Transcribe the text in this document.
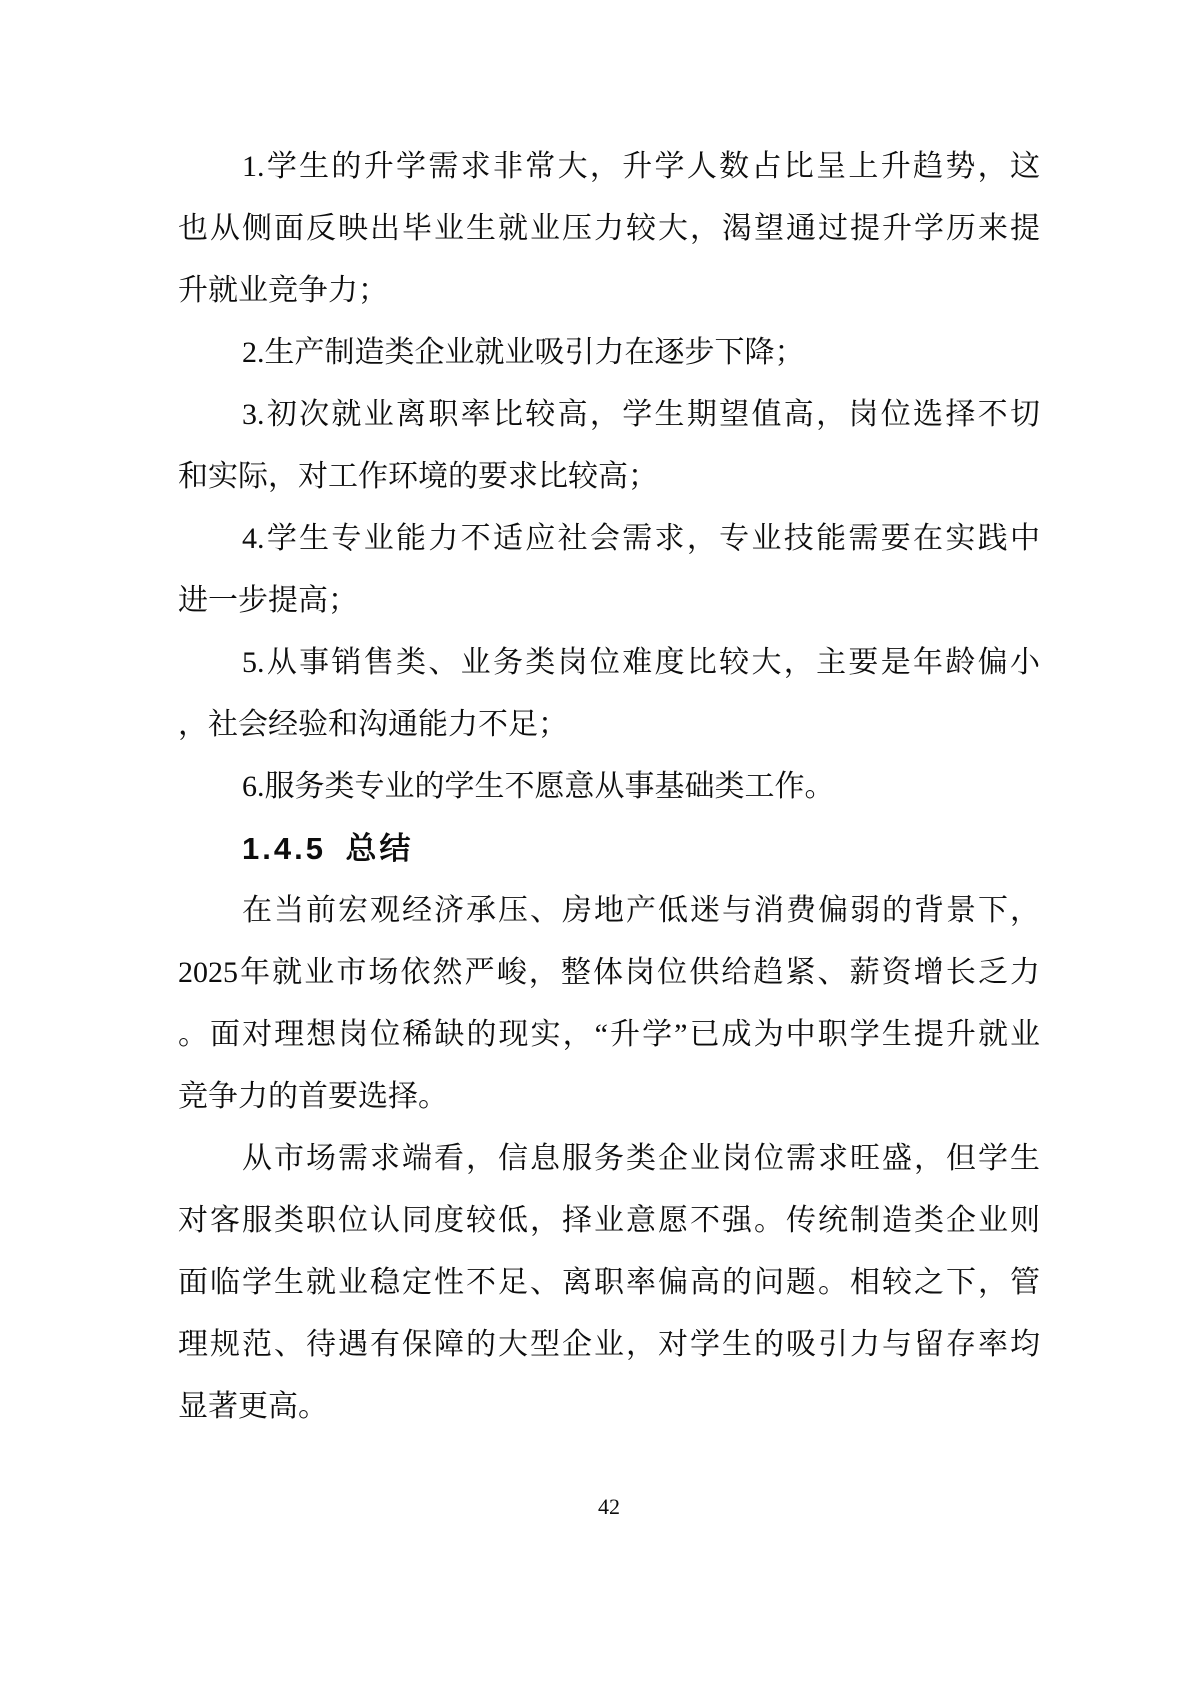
1.学生的升学需求非常大，升学人数占比呈上升趋势，这
也从侧面反映出毕业生就业压力较大，渴望通过提升学历来提
升就业竞争力；
2.生产制造类企业就业吸引力在逐步下降；
3.初次就业离职率比较高，学生期望值高，岗位选择不切
和实际，对工作环境的要求比较高；
4.学生专业能力不适应社会需求，专业技能需要在实践中
进一步提高；
5.从事销售类、业务类岗位难度比较大，主要是年龄偏小
，社会经验和沟通能力不足；
6.服务类专业的学生不愿意从事基础类工作。
1.4.5 总结
在当前宏观经济承压、房地产低迷与消费偏弱的背景下，
2025年就业市场依然严峻，整体岗位供给趋紧、薪资增长乏力
。面对理想岗位稀缺的现实，“升学”已成为中职学生提升就业
竞争力的首要选择。
从市场需求端看，信息服务类企业岗位需求旺盛，但学生
对客服类职位认同度较低，择业意愿不强。传统制造类企业则
面临学生就业稳定性不足、离职率偏高的问题。相较之下，管
理规范、待遇有保障的大型企业，对学生的吸引力与留存率均
显著更高。
42
